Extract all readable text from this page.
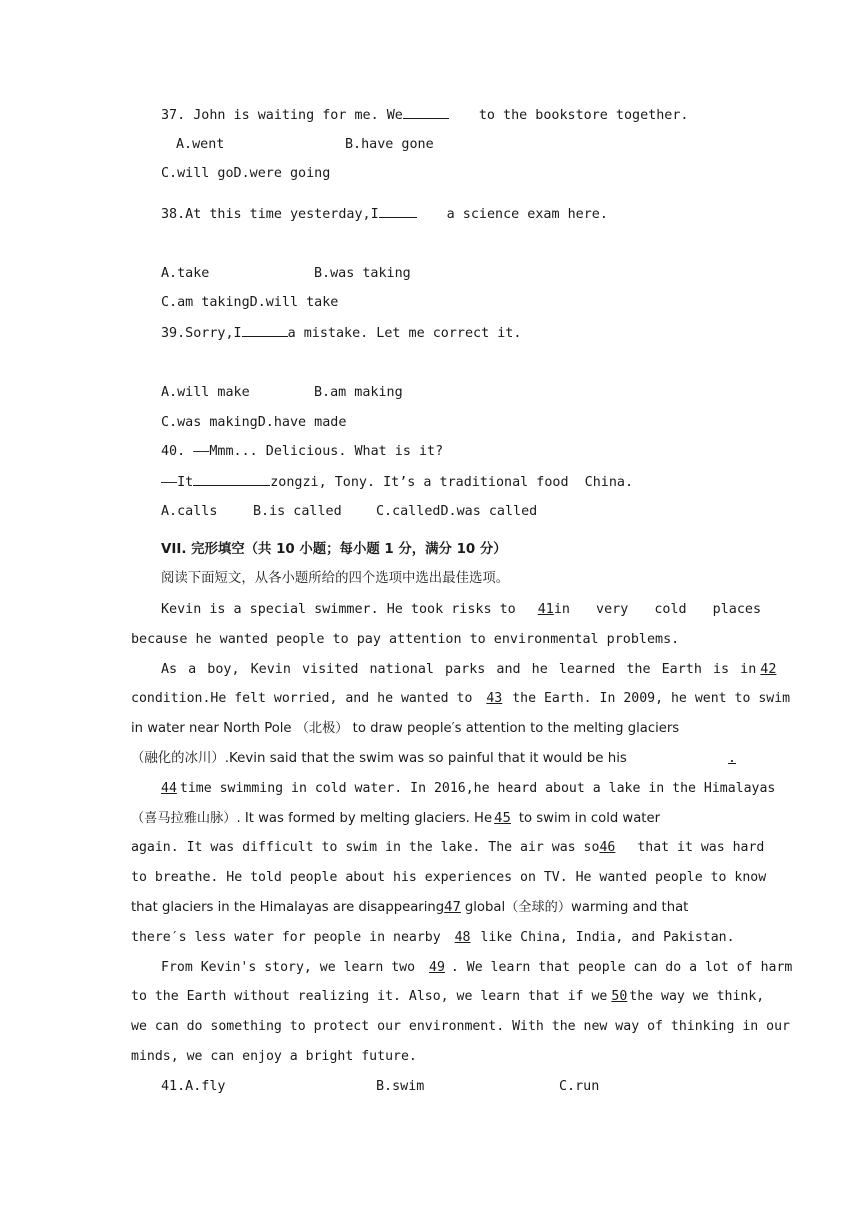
37. John is waiting for me. We	to the bookstore together.
A.went	B.have gone
C.will goD.were going
38.At this time yesterday,I	a science exam here.
A.take	B.was taking
C.am takingD.will take
39.Sorry,I	a mistake. Let me correct it.
A.will make	B.am making
C.was makingD.have made
40. ——Mmm... Delicious. What is it?
——It	zongzi, Tony. It’s a traditional food  China.
A.calls	B.is called	C.calledD.was called
VII. 完形填空（共 10 小题；每小题 1 分，满分 10 分）
阅读下面短文，从各小题所给的四个选项中选出最佳选项。
Kevin is a special swimmer. He took risks to 41 in very cold places
because he wanted people to pay attention to environmental problems.
As a boy, Kevin visited national parks and he learned the Earth is in 42
condition.He felt worried, and he wanted to 43 the Earth. In 2009, he went to swim
in water near North Pole （北极） to draw people′s attention to the melting glaciers
（融化的冰川）.Kevin said that the swim was so painful that it would be his	.
44 time swimming in cold water. In 2016,he heard about a lake in the Himalayas
（喜马拉雅山脉）. It was formed by melting glaciers. He 45 to swim in cold water
again. It was difficult to swim in the lake. The air was so46 that it was hard
to breathe. He told people about his experiences on TV. He wanted people to know
that glaciers in the Himalayas are disappearing47 global（全球的）warming and that
there′s less water for people in nearby 48 like China, India, and Pakistan.
From Kevin's story, we learn two 49 . We learn that people can do a lot of harm
to the Earth without realizing it. Also, we learn that if we 50 the way we think,
we can do something to protect our environment. With the new way of thinking in our
minds, we can enjoy a bright future.
41.A.fly	B.swim	C.run
